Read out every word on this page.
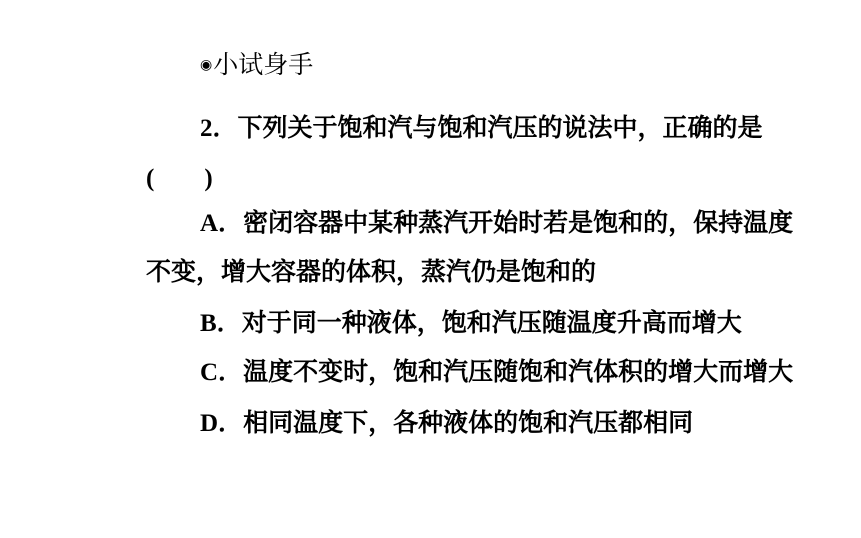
◉小试身手
2．下列关于饱和汽与饱和汽压的说法中，正确的是
(　　)
A．密闭容器中某种蒸汽开始时若是饱和的，保持温度
不变，增大容器的体积，蒸汽仍是饱和的
B．对于同一种液体，饱和汽压随温度升高而增大
C．温度不变时，饱和汽压随饱和汽体积的增大而增大
D．相同温度下，各种液体的饱和汽压都相同
